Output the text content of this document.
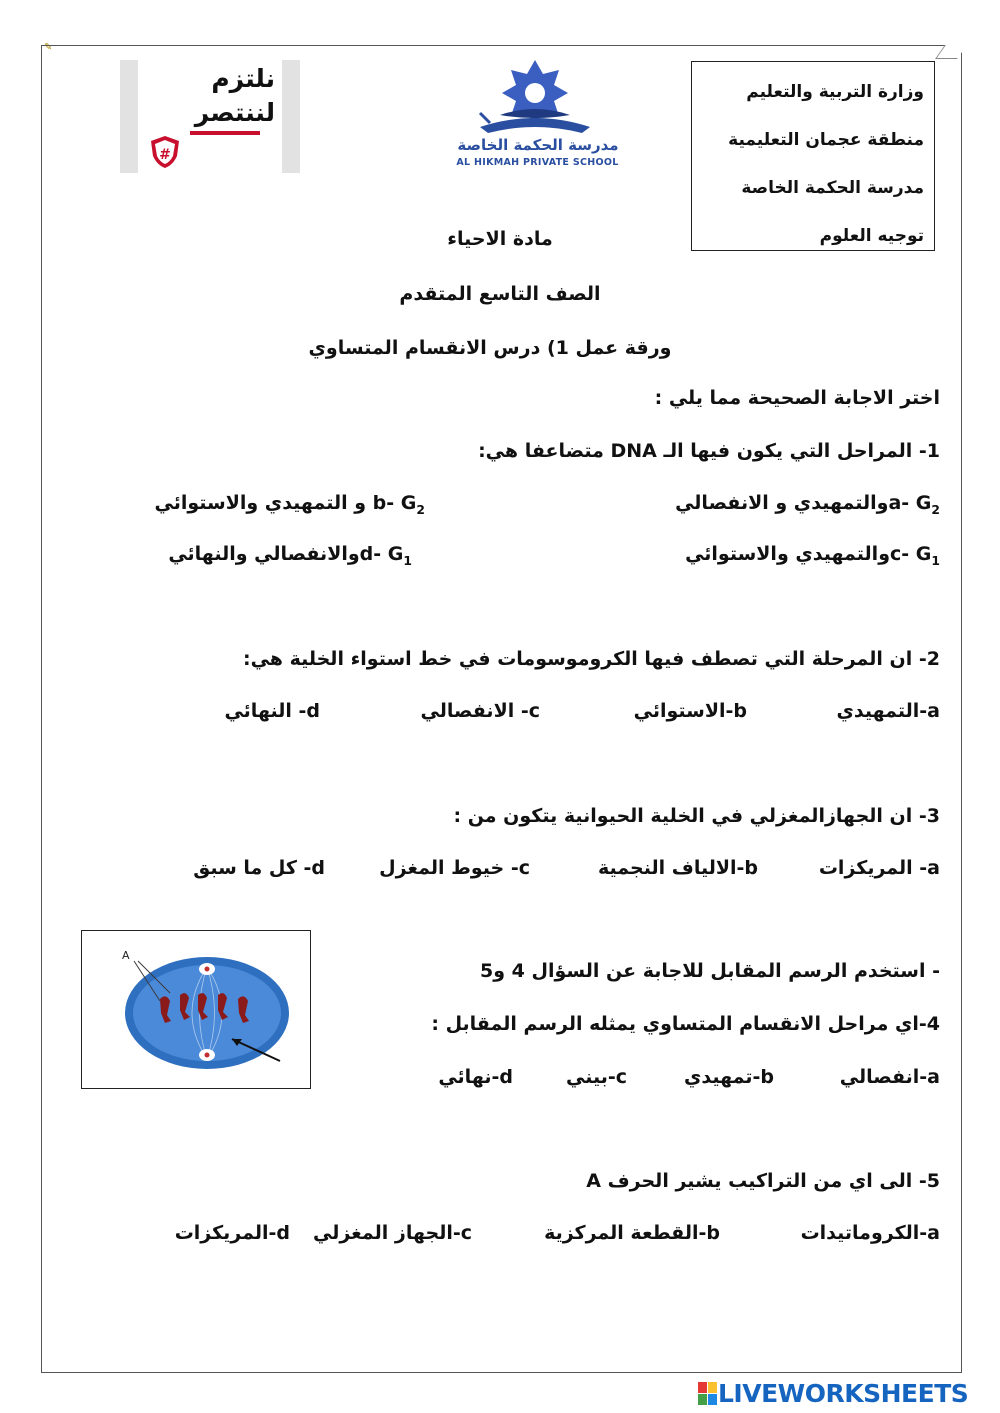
✎
وزارة التربية والتعليم
منطقة عجمان التعليمية
مدرسة الحكمة الخاصة
توجيه العلوم
مدرسة الحكمة الخاصة
AL HIKMAH PRIVATE SCHOOL
نلتزم
لننتصر
#
مادة الاحياء
الصف التاسع المتقدم
ورقة عمل 1) درس الانقسام المتساوي
اختر الاجابة الصحيحة مما يلي :
1- المراحل التي يكون فيها الـ DNA متضاعفا هي:
a- $G_2والتمهيدي$ و الانفصالي
b- $G_2$ و التمهيدي والاستوائي
c- $G_1والتمهيدي$ والاستوائي
d- $G_1والانفصالي$ والنهائي
2- ان المرحلة التي تصطف فيها الكروموسومات في خط استواء الخلية هي:
a-التمهيدي
b-الاستوائي
c- الانفصالي
d- النهائي
3- ان الجهازالمغزلي في الخلية الحيوانية يتكون من :
a- المريكزات
b-الالياف النجمية
c- خيوط المغزل
d- كل ما سبق
A
- استخدم الرسم المقابل للاجابة عن السؤال 4 و5
4-اي مراحل الانقسام المتساوي يمثله الرسم المقابل :
a-انفصالي
b-تمهيدي
c-بيني
d-نهائي
5- الى اي من التراكيب يشير الحرف A
a-الكروماتيدات
b-القطعة المركزية
c-الجهاز المغزلي
d-المريكزات
LIVEWORKSHEETS
